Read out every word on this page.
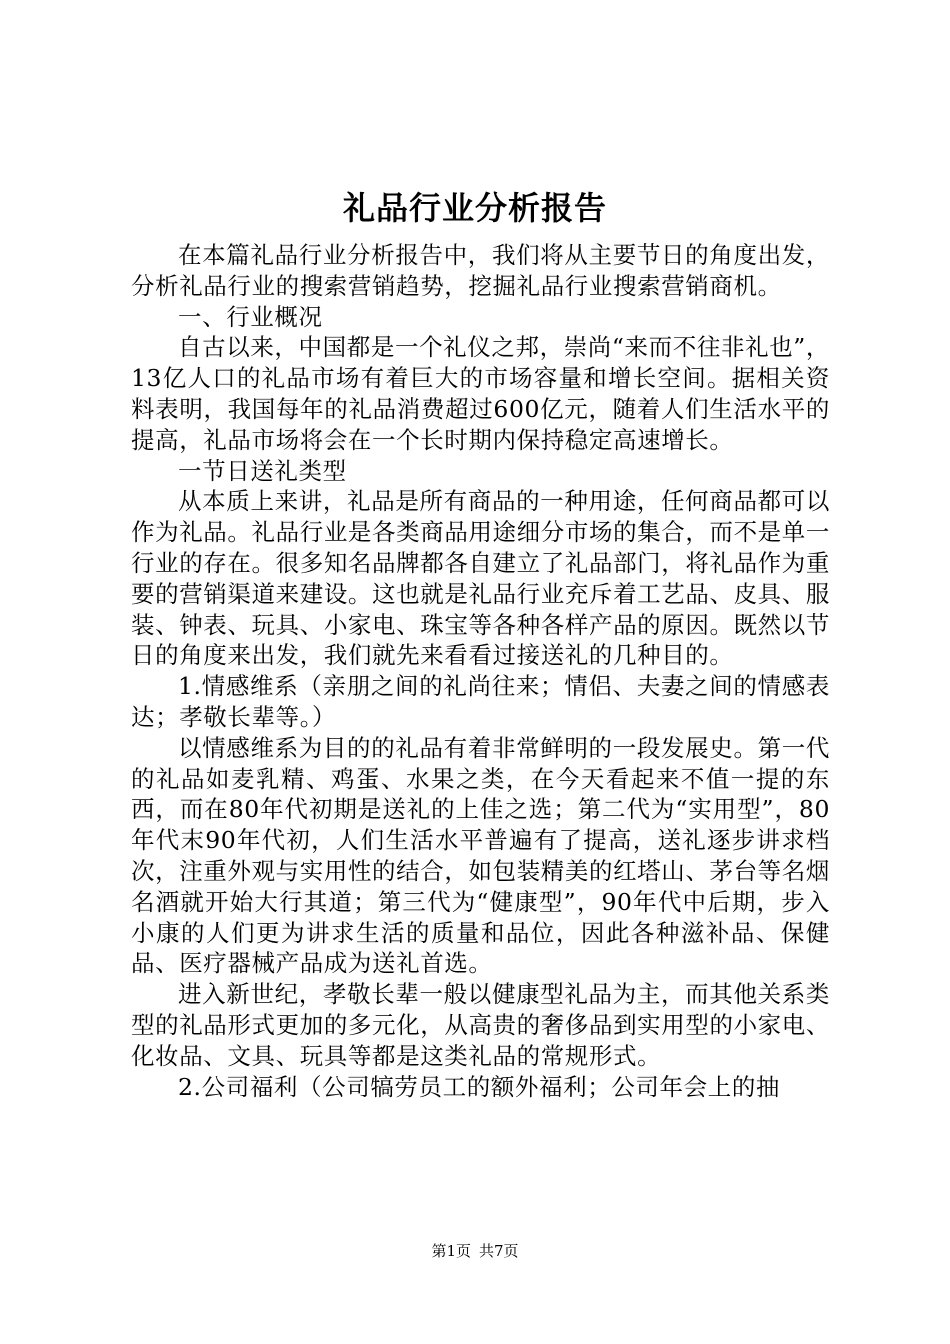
礼品行业分析报告

在本篇礼品行业分析报告中，我们将从主要节日的角度出发，分析礼品行业的搜索营销趋势，挖掘礼品行业搜索营销商机。

一、行业概况

自古以来，中国都是一个礼仪之邦，崇尚“来而不往非礼也”，13亿人口的礼品市场有着巨大的市场容量和增长空间。据相关资料表明，我国每年的礼品消费超过600亿元，随着人们生活水平的提高，礼品市场将会在一个长时期内保持稳定高速增长。

一节日送礼类型

从本质上来讲，礼品是所有商品的一种用途，任何商品都可以作为礼品。礼品行业是各类商品用途细分市场的集合，而不是单一行业的存在。很多知名品牌都各自建立了礼品部门，将礼品作为重要的营销渠道来建设。这也就是礼品行业充斥着工艺品、皮具、服装、钟表、玩具、小家电、珠宝等各种各样产品的原因。既然以节日的角度来出发，我们就先来看看过接送礼的几种目的。

1.情感维系（亲朋之间的礼尚往来；情侣、夫妻之间的情感表达；孝敬长辈等。）

以情感维系为目的的礼品有着非常鲜明的一段发展史。第一代的礼品如麦乳精、鸡蛋、水果之类，在今天看起来不值一提的东西，而在80年代初期是送礼的上佳之选；第二代为“实用型”，80年代末90年代初，人们生活水平普遍有了提高，送礼逐步讲求档次，注重外观与实用性的结合，如包装精美的红塔山、茅台等名烟名酒就开始大行其道；第三代为“健康型”，90年代中后期，步入小康的人们更为讲求生活的质量和品位，因此各种滋补品、保健品、医疗器械产品成为送礼首选。

进入新世纪，孝敬长辈一般以健康型礼品为主，而其他关系类型的礼品形式更加的多元化，从高贵的奢侈品到实用型的小家电、化妆品、文具、玩具等都是这类礼品的常规形式。

2.公司福利（公司犒劳员工的额外福利；公司年会上的抽

第1页 共7页
